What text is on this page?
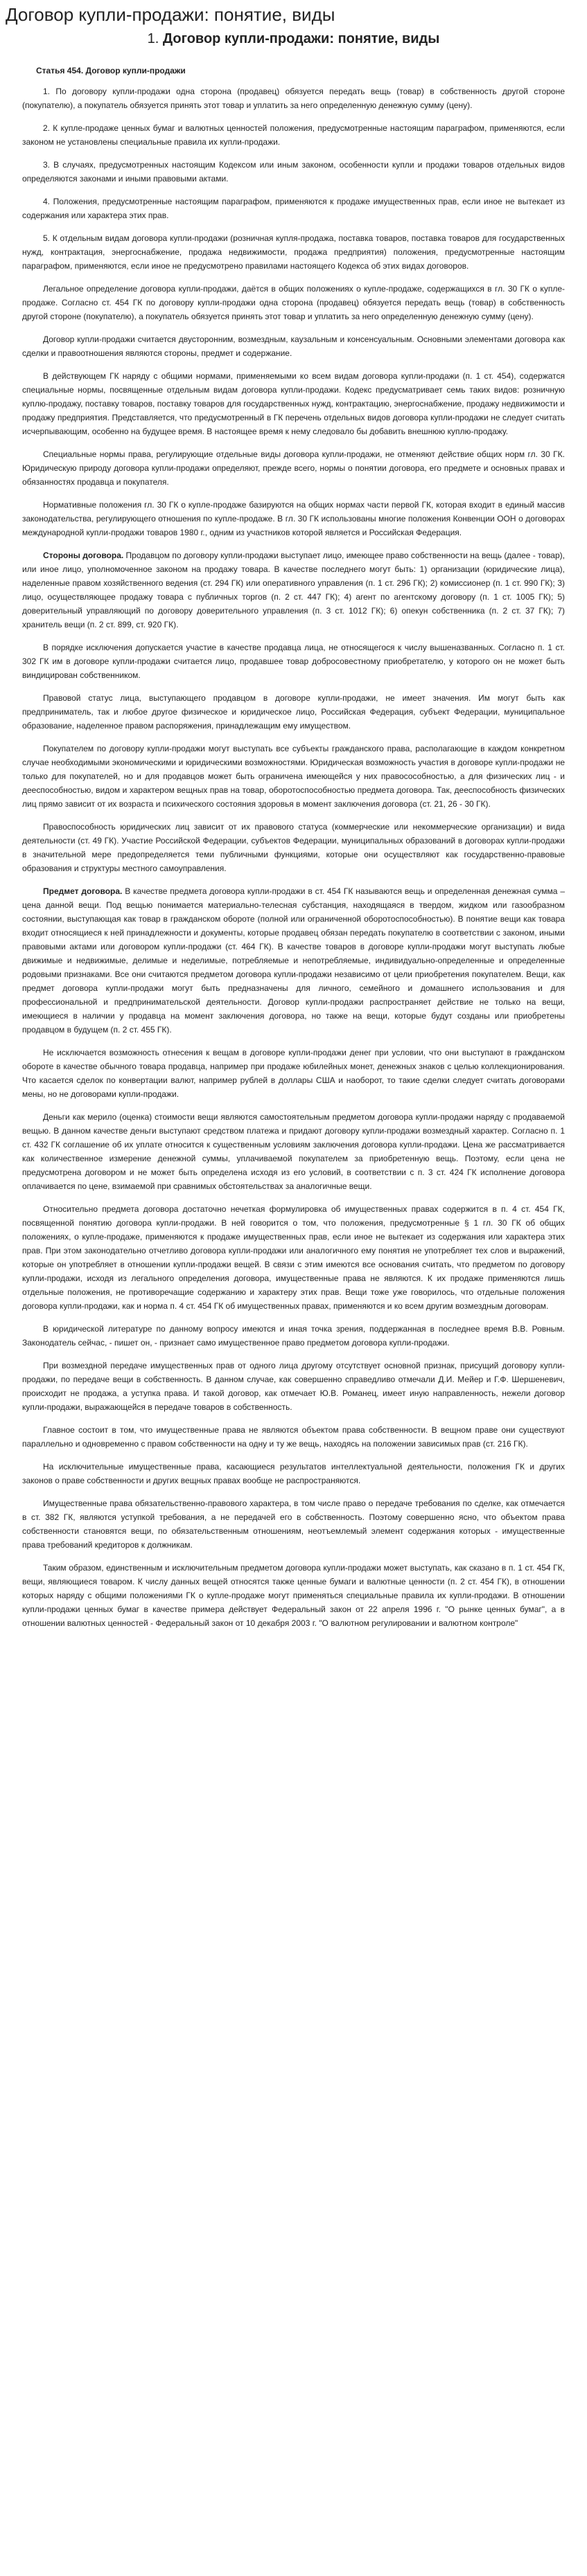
Договор купли-продажи: понятие, виды
1. Договор купли-продажи: понятие, виды
Статья 454. Договор купли-продажи

1. По договору купли-продажи одна сторона (продавец) обязуется передать вещь (товар) в собственность другой стороне (покупателю), а покупатель обязуется принять этот товар и уплатить за него определенную денежную сумму (цену).

2. К купле-продаже ценных бумаг и валютных ценностей положения, предусмотренные настоящим параграфом, применяются, если законом не установлены специальные правила их купли-продажи.

3. В случаях, предусмотренных настоящим Кодексом или иным законом, особенности купли и продажи товаров отдельных видов определяются законами и иными правовыми актами.

4. Положения, предусмотренные настоящим параграфом, применяются к продаже имущественных прав, если иное не вытекает из содержания или характера этих прав.

5. К отдельным видам договора купли-продажи (розничная купля-продажа, поставка товаров, поставка товаров для государственных нужд, контрактация, энергоснабжение, продажа недвижимости, продажа предприятия) положения, предусмотренные настоящим параграфом, применяются, если иное не предусмотрено правилами настоящего Кодекса об этих видах договоров.

Легальное определение договора купли-продажи, даётся в общих положениях о купле-продаже, содержащихся в гл. 30 ГК о купле-продаже. Согласно ст. 454 ГК по договору купли-продажи одна сторона (продавец) обязуется передать вещь (товар) в собственность другой стороне (покупателю), а покупатель обязуется принять этот товар и уплатить за него определенную денежную сумму (цену).

Договор купли-продажи считается двусторонним, возмездным, каузальным и консенсуальным. Основными элементами договора как сделки и правоотношения являются стороны, предмет и содержание.

В действующем ГК наряду с общими нормами, применяемыми ко всем видам договора купли-продажи (п. 1 ст. 454), содержатся специальные нормы, посвященные отдельным видам договора купли-продажи. Кодекс предусматривает семь таких видов: розничную куплю-продажу, поставку товаров, поставку товаров для государственных нужд, контрактацию, энергоснабжение, продажу недвижимости и продажу предприятия. Представляется, что предусмотренный в ГК перечень отдельных видов договора купли-продажи не следует считать исчерпывающим, особенно на будущее время. В настоящее время к нему следовало бы добавить внешнюю куплю-продажу.

Специальные нормы права, регулирующие отдельные виды договора купли-продажи, не отменяют действие общих норм гл. 30 ГК. Юридическую природу договора купли-продажи определяют, прежде всего, нормы о понятии договора, его предмете и основных правах и обязанностях продавца и покупателя.

Нормативные положения гл. 30 ГК о купле-продаже базируются на общих нормах части первой ГК, которая входит в единый массив законодательства, регулирующего отношения по купле-продаже. В гл. 30 ГК использованы многие положения Конвенции ООН о договорах международной купли-продажи товаров 1980 г., одним из участников которой является и Российская Федерация.

Стороны договора. Продавцом по договору купли-продажи выступает лицо, имеющее право собственности на вещь (далее - товар), или иное лицо, уполномоченное законом на продажу товара. В качестве последнего могут быть: 1) организации (юридические лица), наделенные правом хозяйственного ведения (ст. 294 ГК) или оперативного управления (п. 1 ст. 296 ГК); 2) комиссионер (п. 1 ст. 990 ГК); 3) лицо, осуществляющее продажу товара с публичных торгов (п. 2 ст. 447 ГК); 4) агент по агентскому договору (п. 1 ст. 1005 ГК); 5) доверительный управляющий по договору доверительного управления (п. 3 ст. 1012 ГК); 6) опекун собственника (п. 2 ст. 37 ГК); 7) хранитель вещи (п. 2 ст. 899, ст. 920 ГК).

В порядке исключения допускается участие в качестве продавца лица, не относящегося к числу вышеназванных. Согласно п. 1 ст. 302 ГК им в договоре купли-продажи считается лицо, продавшее товар добросовестному приобретателю, у которого он не может быть виндицирован собственником.

Правовой статус лица, выступающего продавцом в договоре купли-продажи, не имеет значения. Им могут быть как предприниматель, так и любое другое физическое и юридическое лицо, Российская Федерация, субъект Федерации, муниципальное образование, наделенное правом распоряжения, принадлежащим ему имуществом.

Покупателем по договору купли-продажи могут выступать все субъекты гражданского права, располагающие в каждом конкретном случае необходимыми экономическими и юридическими возможностями. Юридическая возможность участия в договоре купли-продажи не только для покупателей, но и для продавцов может быть ограничена имеющейся у них правосособностью, а для физических лиц - и дееспособностью, видом и характером вещных прав на товар, оборотоспособностью предмета договора. Так, дееспособность физических лиц прямо зависит от их возраста и психического состояния здоровья в момент заключения договора (ст. 21, 26 - 30 ГК).

Правоспособность юридических лиц зависит от их правового статуса (коммерческие или некоммерческие организации) и вида деятельности (ст. 49 ГК). Участие Российской Федерации, субъектов Федерации, муниципальных образований в договорах купли-продажи в значительной мере предопределяется теми публичными функциями, которые они осуществляют как государственно-правовые образования и структуры местного самоуправления.

Предмет договора. В качестве предмета договора купли-продажи в ст. 454 ГК называются вещь и определенная денежная сумма – цена данной вещи. Под вещью понимается материально-телесная субстанция, находящаяся в твердом, жидком или газообразном состоянии, выступающая как товар в гражданском обороте (полной или ограниченной оборотоспособностью). В понятие вещи как товара входит относящиеся к ней принадлежности и документы, которые продавец обязан передать покупателю в соответствии с законом, иными правовыми актами или договором купли-продажи (ст. 464 ГК). В качестве товаров в договоре купли-продажи могут выступать любые движимые и недвижимые, делимые и неделимые, потребляемые и непотребляемые, индивидуально-определенные и определенные родовыми признаками. Все они считаются предметом договора купли-продажи независимо от цели приобретения покупателем. Вещи, как предмет договора купли-продажи могут быть предназначены для личного, семейного и домашнего использования и для профессиональной и предпринимательской деятельности. Договор купли-продажи распространяет действие не только на вещи, имеющиеся в наличии у продавца на момент заключения договора, но также на вещи, которые будут созданы или приобретены продавцом в будущем (п. 2 ст. 455 ГК).

Не исключается возможность отнесения к вещам в договоре купли-продажи денег при условии, что они выступают в гражданском обороте в качестве обычного товара продавца, например при продаже юбилейных монет, денежных знаков с целью коллекционирования. Что касается сделок по конвертации валют, например рублей в доллары США и наоборот, то такие сделки следует считать договорами мены, но не договорами купли-продажи.

Деньги как мерило (оценка) стоимости вещи являются самостоятельным предметом договора купли-продажи наряду с продаваемой вещью. В данном качестве деньги выступают средством платежа и придают договору купли-продажи возмездный характер. Согласно п. 1 ст. 432 ГК соглашение об их уплате относится к существенным условиям заключения договора купли-продажи. Цена же рассматривается как количественное измерение денежной суммы, уплачиваемой покупателем за приобретенную вещь. Поэтому, если цена не предусмотрена договором и не может быть определена исходя из его условий, в соответствии с п. 3 ст. 424 ГК исполнение договора оплачивается по цене, взимаемой при сравнимых обстоятельствах за аналогичные вещи.

Относительно предмета договора достаточно нечеткая формулировка об имущественных правах содержится в п. 4 ст. 454 ГК, посвященной понятию договора купли-продажи. В ней говорится о том, что положения, предусмотренные § 1 гл. 30 ГК об общих положениях, о купле-продаже, применяются к продаже имущественных прав, если иное не вытекает из содержания или характера этих прав. При этом законодательно отчетливо договора купли-продажи или аналогичного ему понятия не употребляет тех слов и выражений, которые он употребляет в отношении купли-продажи вещей. В связи с этим имеются все основания считать, что предметом по договору купли-продажи, исходя из легального определения договора, имущественные права не являются. К их продаже применяются лишь отдельные положения, не противоречащие содержанию и характеру этих прав. Вещи тоже уже говорилось, что отдельные положения договора купли-продажи, как и норма п. 4 ст. 454 ГК об имущественных правах, применяются и ко всем другим возмездным договорам.

В юридической литературе по данному вопросу имеются и иная точка зрения, поддержанная в последнее время В.В. Ровным. Законодатель сейчас, - пишет он, - признает само имущественное право предметом договора купли-продажи.

При возмездной передаче имущественных прав от одного лица другому отсутствует основной признак, присущий договору купли-продажи, по передаче вещи в собственность. В данном случае, как совершенно справедливо отмечали Д.И. Мейер и Г.Ф. Шершеневич, происходит не продажа, а уступка права. И такой договор, как отмечает Ю.В. Романец, имеет иную направленность, нежели договор купли-продажи, выражающейся в передаче товаров в собственность.

Главное состоит в том, что имущественные права не являются объектом права собственности. В вещном праве они существуют параллельно и одновременно с правом собственности на одну и ту же вещь, находясь на положении зависимых прав (ст. 216 ГК).

На исключительные имущественные права, касающиеся результатов интеллектуальной деятельности, положения ГК и других законов о праве собственности и других вещных правах вообще не распространяются.

Имущественные права обязательственно-правового характера, в том числе право о передаче требования по сделке, как отмечается в ст. 382 ГК, являются уступкой требования, а не передачей его в собственность. Поэтому совершенно ясно, что объектом права собственности становятся вещи, по обязательственным отношениям, неотъемлемый элемент содержания которых - имущественные права требований кредиторов к должникам.

Таким образом, единственным и исключительным предметом договора купли-продажи может выступать, как сказано в п. 1 ст. 454 ГК, вещи, являющиеся товаром. К числу данных вещей относятся также ценные бумаги и валютные ценности (п. 2 ст. 454 ГК), в отношении которых наряду с общими положениями ГК о купле-продаже могут применяться специальные правила их купли-продажи. В отношении купли-продажи ценных бумаг в качестве примера действует Федеральный закон от 22 апреля 1996 г. "О рынке ценных бумаг", а в отношении валютных ценностей - Федеральный закон от 10 декабря 2003 г. "О валютном регулировании и валютном контроле"
